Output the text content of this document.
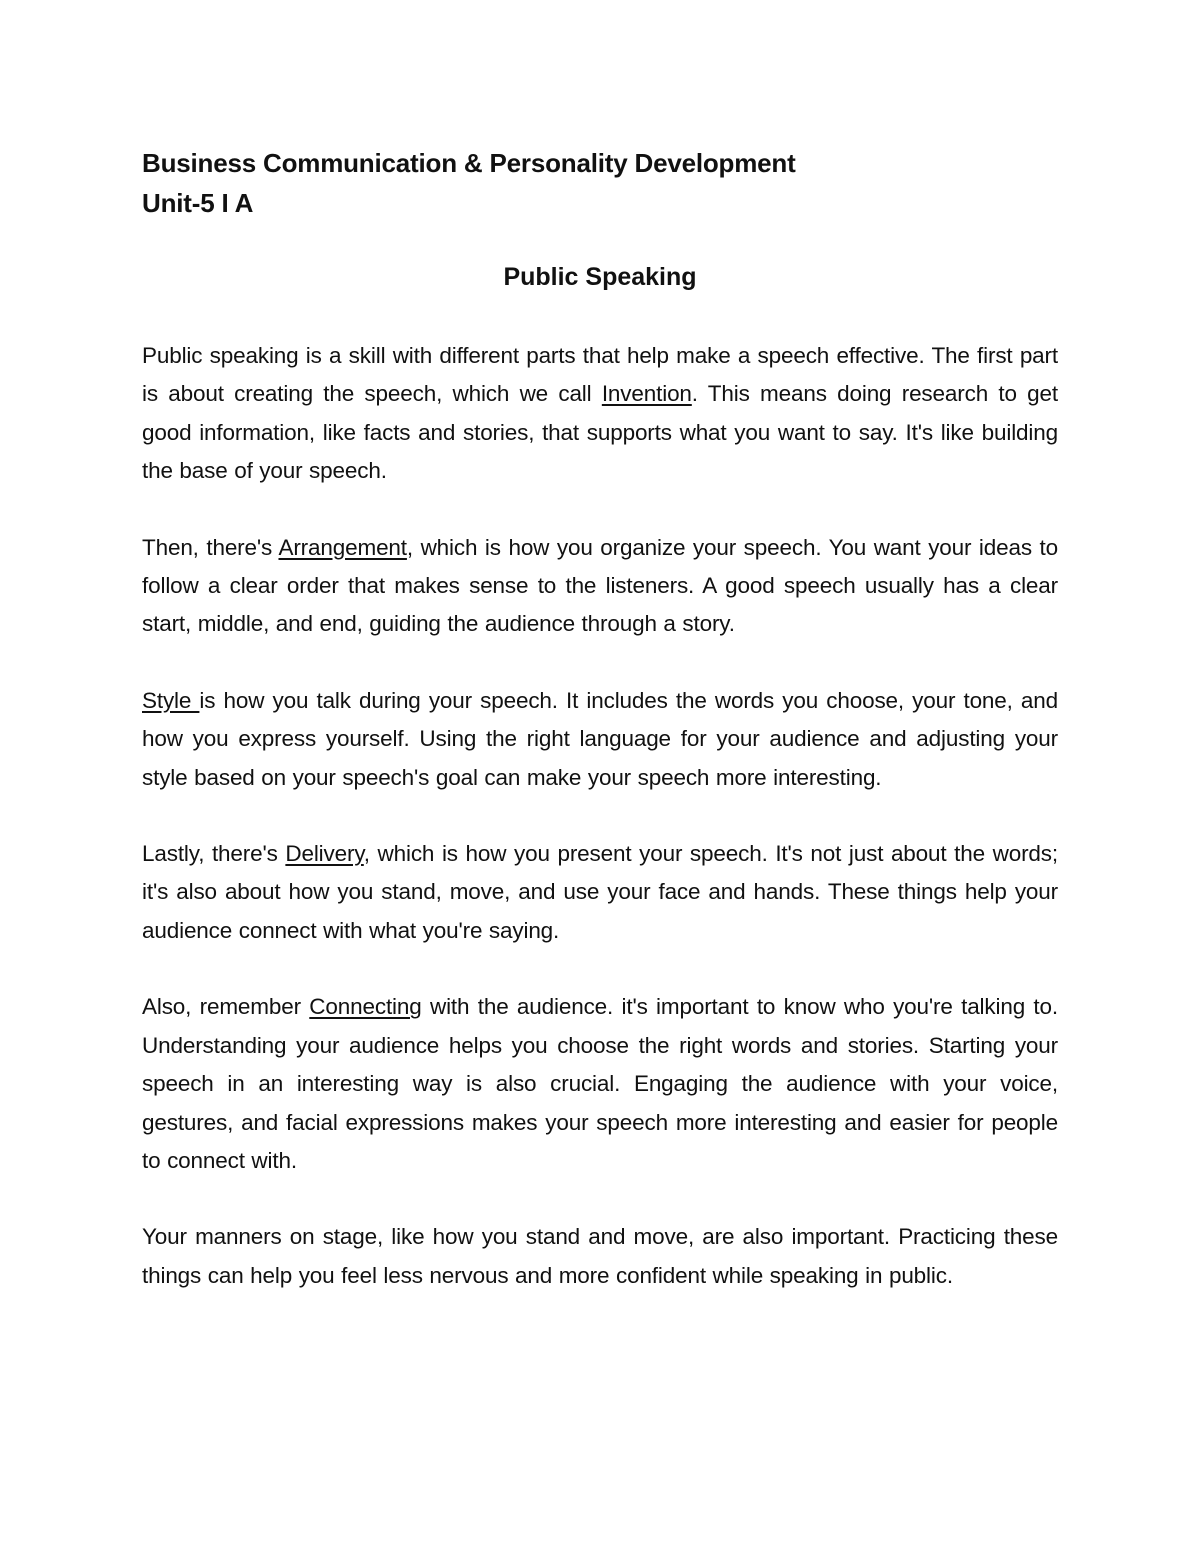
Business Communication & Personality Development
Unit-5 I A
Public Speaking

Public speaking is a skill with different parts that help make a speech effective. The first part is about creating the speech, which we call Invention. This means doing research to get good information, like facts and stories, that supports what you want to say. It's like building the base of your speech.

Then, there's Arrangement, which is how you organize your speech. You want your ideas to follow a clear order that makes sense to the listeners. A good speech usually has a clear start, middle, and end, guiding the audience through a story.

Style is how you talk during your speech. It includes the words you choose, your tone, and how you express yourself. Using the right language for your audience and adjusting your style based on your speech's goal can make your speech more interesting.

Lastly, there's Delivery, which is how you present your speech. It's not just about the words; it's also about how you stand, move, and use your face and hands. These things help your audience connect with what you're saying.

Also, remember Connecting with the audience. it's important to know who you're talking to. Understanding your audience helps you choose the right words and stories. Starting your speech in an interesting way is also crucial. Engaging the audience with your voice, gestures, and facial expressions makes your speech more interesting and easier for people to connect with.

Your manners on stage, like how you stand and move, are also important. Practicing these things can help you feel less nervous and more confident while speaking in public.
